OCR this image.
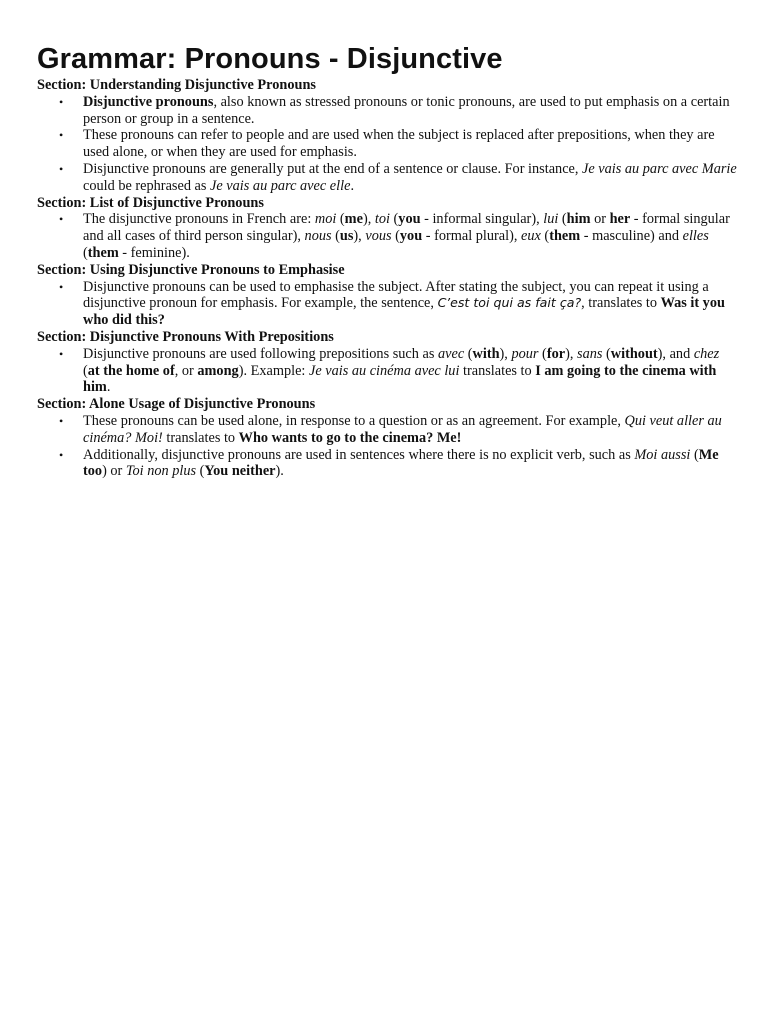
Grammar: Pronouns - Disjunctive
Section: Understanding Disjunctive Pronouns
• Disjunctive pronouns, also known as stressed pronouns or tonic pronouns, are used to put emphasis on a certain person or group in a sentence.
• These pronouns can refer to people and are used when the subject is replaced after prepositions, when they are used alone, or when they are used for emphasis.
• Disjunctive pronouns are generally put at the end of a sentence or clause. For instance, Je vais au parc avec Marie could be rephrased as Je vais au parc avec elle.
Section: List of Disjunctive Pronouns
• The disjunctive pronouns in French are: moi (me), toi (you - informal singular), lui (him or her - formal singular and all cases of third person singular), nous (us), vous (you - formal plural), eux (them - masculine) and elles (them - feminine).
Section: Using Disjunctive Pronouns to Emphasise
• Disjunctive pronouns can be used to emphasise the subject. After stating the subject, you can repeat it using a disjunctive pronoun for emphasis. For example, the sentence, C’est toi qui as fait ça?, translates to Was it you who did this?
Section: Disjunctive Pronouns With Prepositions
• Disjunctive pronouns are used following prepositions such as avec (with), pour (for), sans (without), and chez (at the home of, or among). Example: Je vais au cinéma avec lui translates to I am going to the cinema with him.
Section: Alone Usage of Disjunctive Pronouns
• These pronouns can be used alone, in response to a question or as an agreement. For example, Qui veut aller au cinéma? Moi! translates to Who wants to go to the cinema? Me!
• Additionally, disjunctive pronouns are used in sentences where there is no explicit verb, such as Moi aussi (Me too) or Toi non plus (You neither).
